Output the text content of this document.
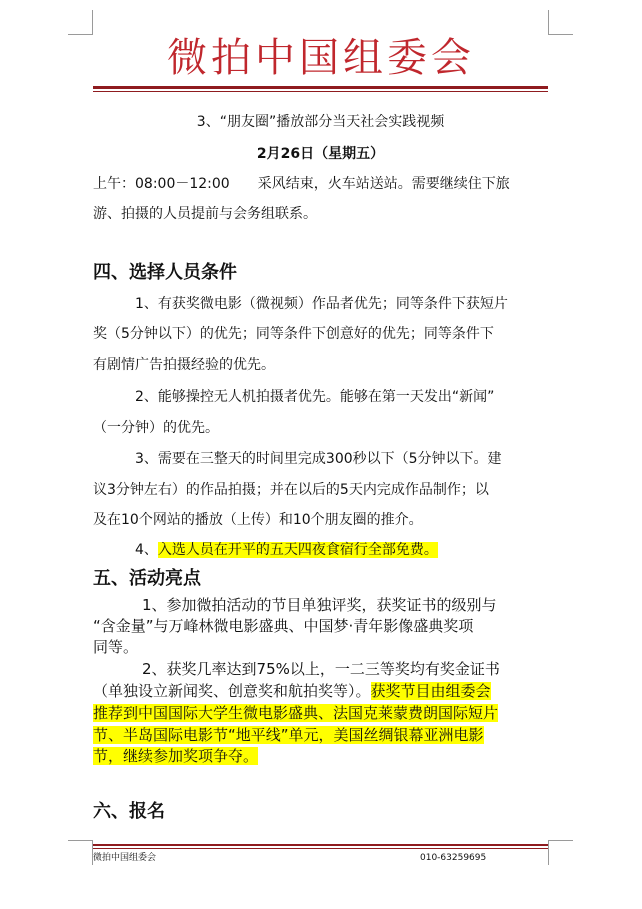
微拍中国组委会
3、“朋友圈”播放部分当天社会实践视频
2月26日（星期五）
上午：08:00－12:00 采风结束，火车站送站。需要继续住下旅
游、拍摄的人员提前与会务组联系。
四、选择人员条件
1、有获奖微电影（微视频）作品者优先；同等条件下获短片
奖（5分钟以下）的优先；同等条件下创意好的优先；同等条件下
有剧情广告拍摄经验的优先。
2、能够操控无人机拍摄者优先。能够在第一天发出“新闻”
（一分钟）的优先。
3、需要在三整天的时间里完成300秒以下（5分钟以下。建
议3分钟左右）的作品拍摄；并在以后的5天内完成作品制作；以
及在10个网站的播放（上传）和10个朋友圈的推介。
4、入选人员在开平的五天四夜食宿行全部免费。
五、活动亮点
1、参加微拍活动的节目单独评奖，获奖证书的级别与
“含金量”与万峰林微电影盛典、中国梦·青年影像盛典奖项
同等。
2、获奖几率达到75%以上，一二三等奖均有奖金证书
（单独设立新闻奖、创意奖和航拍奖等）。获奖节目由组委会
推荐到中国国际大学生微电影盛典、法国克莱蒙费朗国际短片
节、半岛国际电影节“地平线”单元，美国丝绸银幕亚洲电影
节，继续参加奖项争夺。
六、报名
微拍中国组委会	010-63259695
